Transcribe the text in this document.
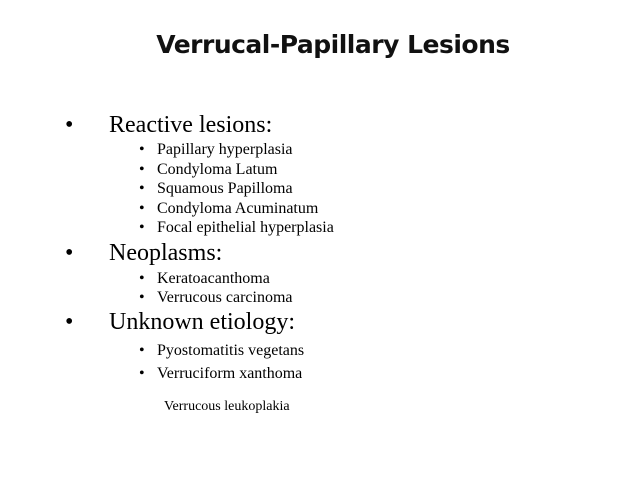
Verrucal-Papillary Lesions
• Reactive lesions:
• Papillary hyperplasia
• Condyloma Latum
• Squamous Papilloma
• Condyloma Acuminatum
• Focal epithelial hyperplasia
• Neoplasms:
• Keratoacanthoma
• Verrucous carcinoma
• Unknown etiology:
• Pyostomatitis vegetans
• Verruciform xanthoma
Verrucous leukoplakia
